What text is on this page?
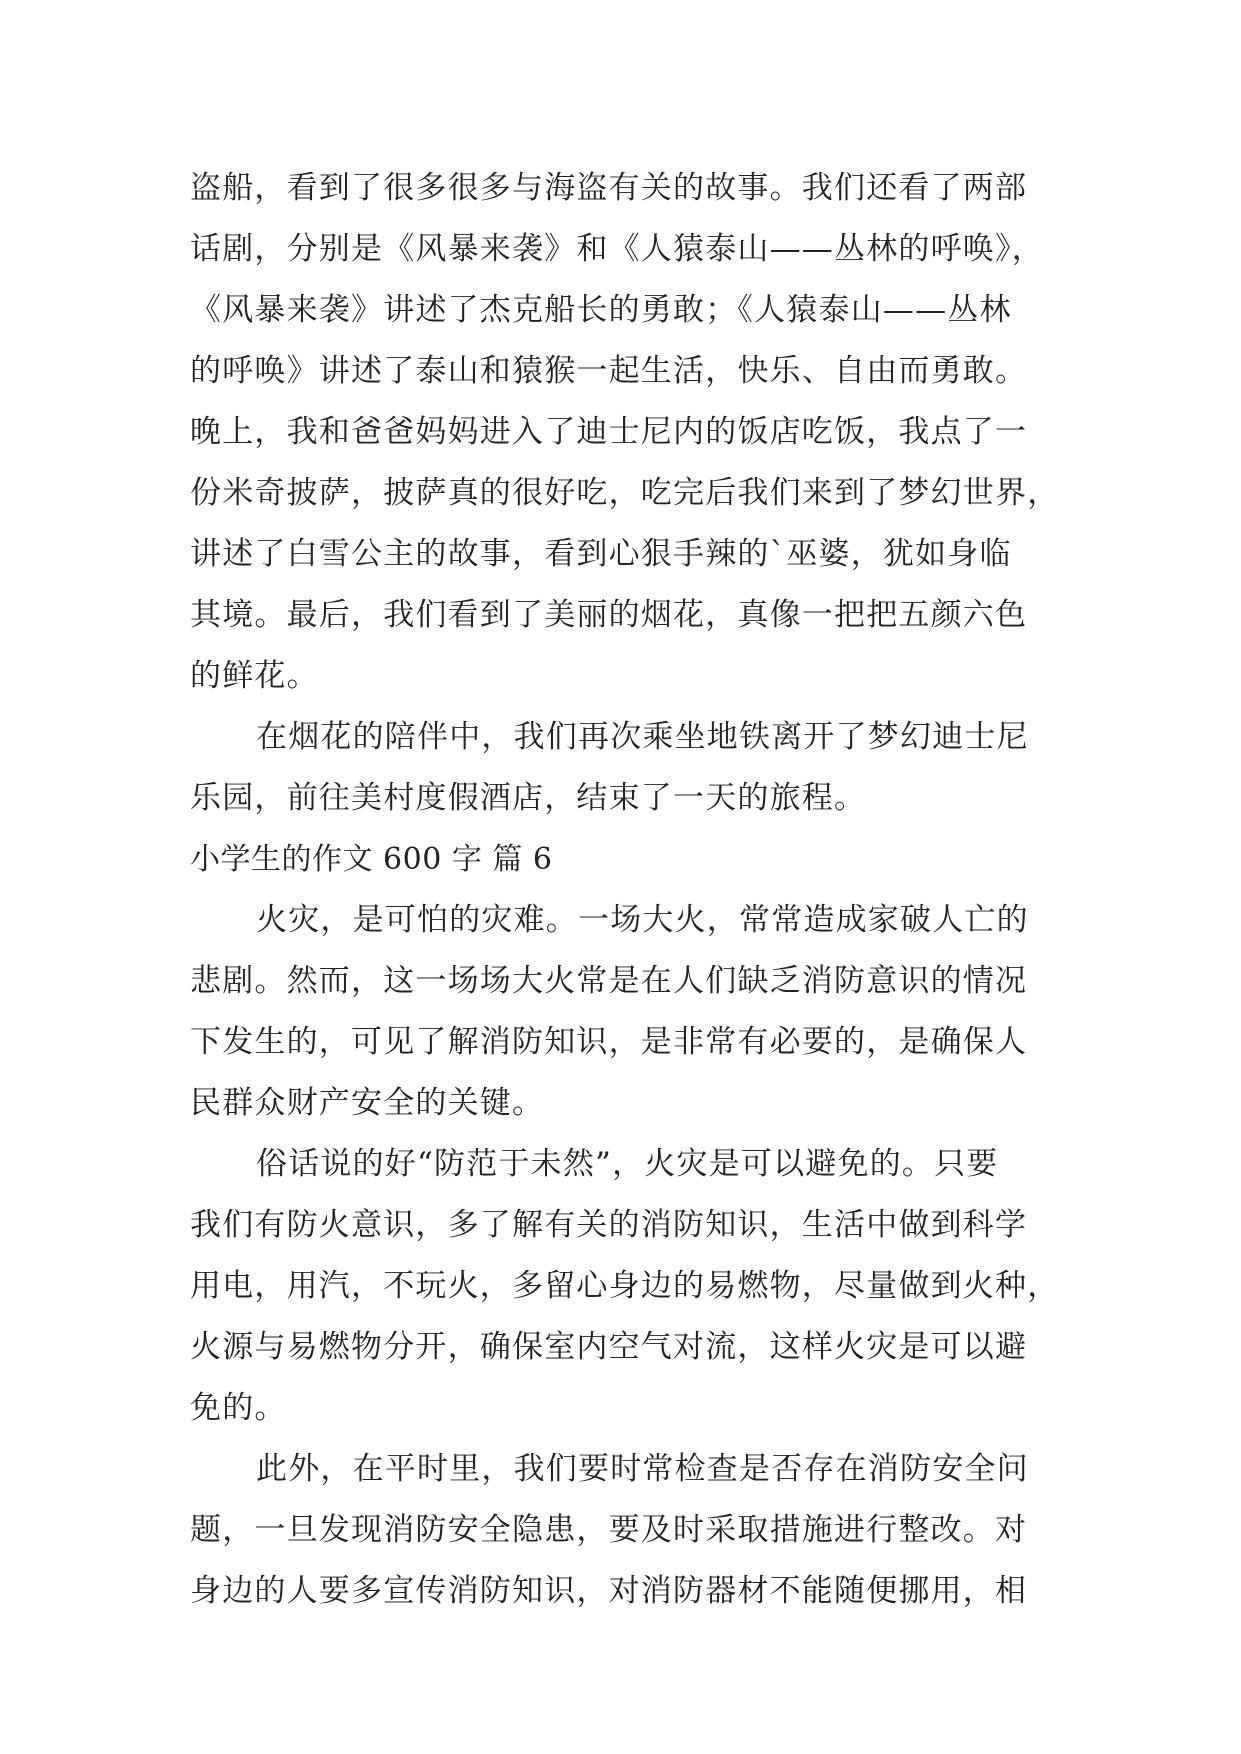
盗船，看到了很多很多与海盗有关的故事。我们还看了两部
话剧，分别是《风暴来袭》和《人猿泰山——丛林的呼唤》，
《风暴来袭》讲述了杰克船长的勇敢；《人猿泰山——丛林
的呼唤》讲述了泰山和猿猴一起生活，快乐、自由而勇敢。
晚上，我和爸爸妈妈进入了迪士尼内的饭店吃饭，我点了一
份米奇披萨，披萨真的很好吃，吃完后我们来到了梦幻世界，
讲述了白雪公主的故事，看到心狠手辣的`巫婆，犹如身临
其境。最后，我们看到了美丽的烟花，真像一把把五颜六色
的鲜花。
在烟花的陪伴中，我们再次乘坐地铁离开了梦幻迪士尼
乐园，前往美村度假酒店，结束了一天的旅程。
小学生的作文 600 字 篇 6
火灾，是可怕的灾难。一场大火，常常造成家破人亡的
悲剧。然而，这一场场大火常是在人们缺乏消防意识的情况
下发生的，可见了解消防知识，是非常有必要的，是确保人
民群众财产安全的关键。
俗话说的好“防范于未然”，火灾是可以避免的。只要
我们有防火意识，多了解有关的消防知识，生活中做到科学
用电，用汽，不玩火，多留心身边的易燃物，尽量做到火种，
火源与易燃物分开，确保室内空气对流，这样火灾是可以避
免的。
此外，在平时里，我们要时常检查是否存在消防安全问
题，一旦发现消防安全隐患，要及时采取措施进行整改。对
身边的人要多宣传消防知识，对消防器材不能随便挪用，相
